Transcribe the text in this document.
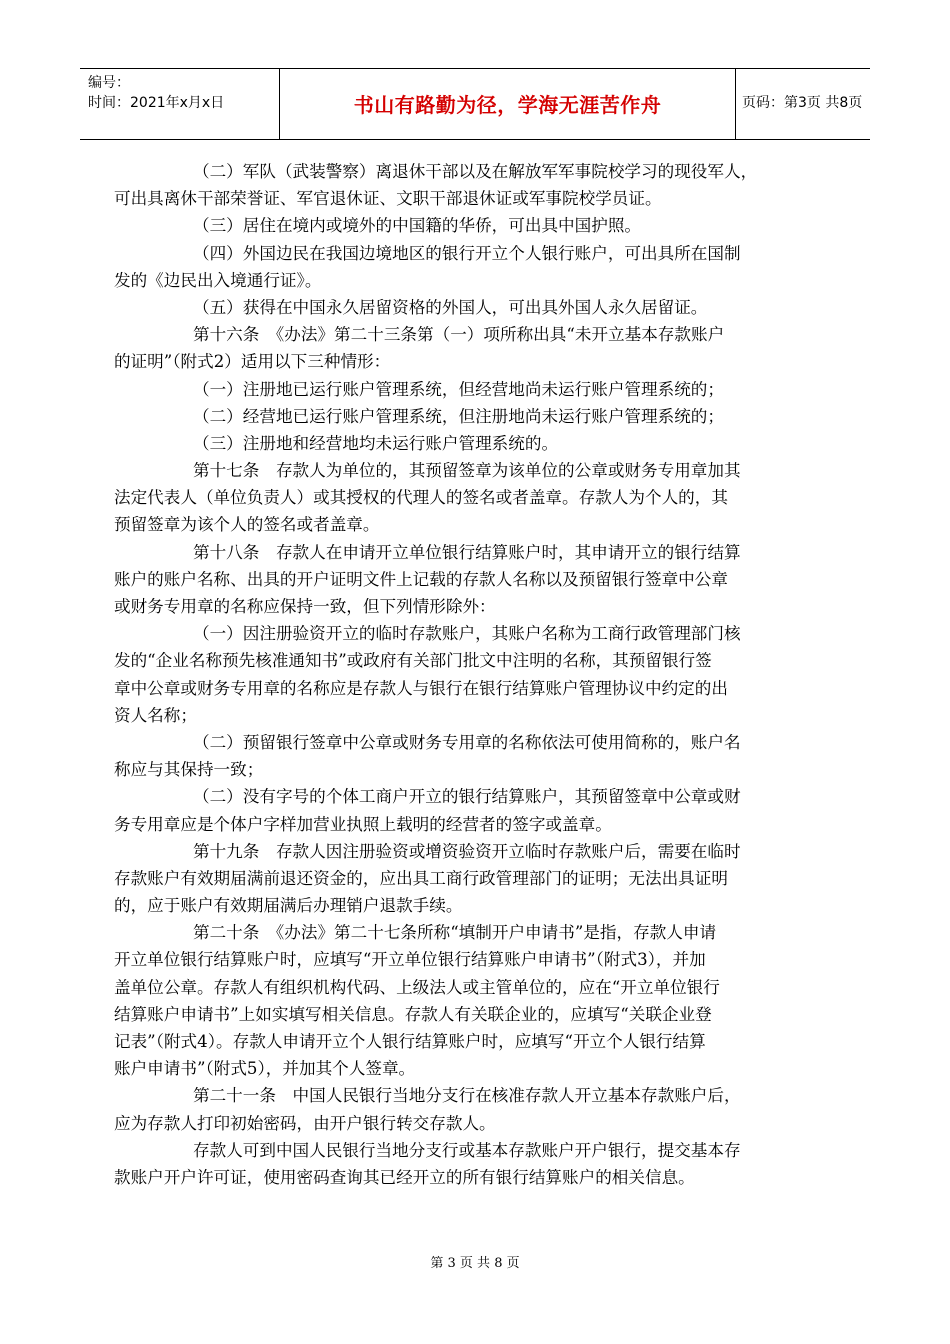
编号：
时间：2021年x月x日	书山有路勤为径，学海无涯苦作舟	页码：第3页 共8页
（二）军队（武装警察）离退休干部以及在解放军军事院校学习的现役军人，
可出具离休干部荣誉证、军官退休证、文职干部退休证或军事院校学员证。
（三）居住在境内或境外的中国籍的华侨，可出具中国护照。
（四）外国边民在我国边境地区的银行开立个人银行账户，可出具所在国制
发的《边民出入境通行证》。
（五）获得在中国永久居留资格的外国人，可出具外国人永久居留证。
第十六条　《办法》第二十三条第（一）项所称出具“未开立基本存款账户
的证明”（附式2）适用以下三种情形：
（一）注册地已运行账户管理系统，但经营地尚未运行账户管理系统的；
（二）经营地已运行账户管理系统，但注册地尚未运行账户管理系统的；
（三）注册地和经营地均未运行账户管理系统的。
第十七条　存款人为单位的，其预留签章为该单位的公章或财务专用章加其
法定代表人（单位负责人）或其授权的代理人的签名或者盖章。存款人为个人的，其
预留签章为该个人的签名或者盖章。
第十八条　存款人在申请开立单位银行结算账户时，其申请开立的银行结算
账户的账户名称、出具的开户证明文件上记载的存款人名称以及预留银行签章中公章
或财务专用章的名称应保持一致，但下列情形除外：
（一）因注册验资开立的临时存款账户，其账户名称为工商行政管理部门核
发的“企业名称预先核准通知书”或政府有关部门批文中注明的名称，其预留银行签
章中公章或财务专用章的名称应是存款人与银行在银行结算账户管理协议中约定的出
资人名称；
（二）预留银行签章中公章或财务专用章的名称依法可使用简称的，账户名
称应与其保持一致；
（二）没有字号的个体工商户开立的银行结算账户，其预留签章中公章或财
务专用章应是个体户字样加营业执照上载明的经营者的签字或盖章。
第十九条　存款人因注册验资或增资验资开立临时存款账户后，需要在临时
存款账户有效期届满前退还资金的，应出具工商行政管理部门的证明；无法出具证明
的，应于账户有效期届满后办理销户退款手续。
第二十条　《办法》第二十七条所称“填制开户申请书”是指，存款人申请
开立单位银行结算账户时，应填写“开立单位银行结算账户申请书”（附式3），并加
盖单位公章。存款人有组织机构代码、上级法人或主管单位的，应在“开立单位银行
结算账户申请书”上如实填写相关信息。存款人有关联企业的，应填写“关联企业登
记表”（附式4）。存款人申请开立个人银行结算账户时，应填写“开立个人银行结算
账户申请书”（附式5），并加其个人签章。
第二十一条　中国人民银行当地分支行在核准存款人开立基本存款账户后，
应为存款人打印初始密码，由开户银行转交存款人。
存款人可到中国人民银行当地分支行或基本存款账户开户银行，提交基本存
款账户开户许可证，使用密码查询其已经开立的所有银行结算账户的相关信息。
第 3 页 共 8 页
